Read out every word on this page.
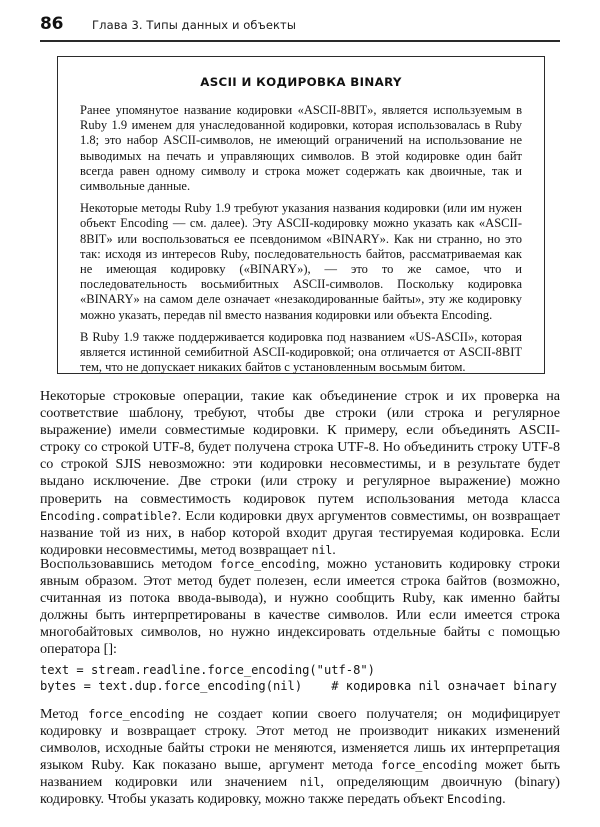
86	Глава 3. Типы данных и объекты
ASCII И КОДИРОВКА BINARY

Ранее упомянутое название кодировки «ASCII-8BIT», является используемым в Ruby 1.9 именем для унаследованной кодировки, которая использовалась в Ruby 1.8; это набор ASCII-символов, не имеющий ограничений на использование не выводимых на печать и управляющих символов. В этой кодировке один байт всегда равен одному символу и строка может содержать как двоичные, так и символьные данные.

Некоторые методы Ruby 1.9 требуют указания названия кодировки (или им нужен объект Encoding — см. далее). Эту ASCII-кодировку можно указать как «ASCII-8BIT» или воспользоваться ее псевдонимом «BINARY». Как ни странно, но это так: исходя из интересов Ruby, последовательность байтов, рассматриваемая как не имеющая кодировку («BINARY»), — это то же самое, что и последовательность восьмибитных ASCII-символов. Поскольку кодировка «BINARY» на самом деле означает «незакодированные байты», эту же кодировку можно указать, передав nil вместо названия кодировки или объекта Encoding.

В Ruby 1.9 также поддерживается кодировка под названием «US-ASCII», которая является истинной семибитной ASCII-кодировкой; она отличается от ASCII-8BIT тем, что не допускает никаких байтов с установленным восьмым битом.

Некоторые строковые операции, такие как объединение строк и их проверка на соответствие шаблону, требуют, чтобы две строки (или строка и регулярное выражение) имели совместимые кодировки. К примеру, если объединять ASCII-строку со строкой UTF-8, будет получена строка UTF-8. Но объединить строку UTF-8 со строкой SJIS невозможно: эти кодировки несовместимы, и в результате будет выдано исключение. Две строки (или строку и регулярное выражение) можно проверить на совместимость кодировок путем использования метода класса Encoding.compatible?. Если кодировки двух аргументов совместимы, он возвращает название той из них, в набор которой входит другая тестируемая кодировка. Если кодировки несовместимы, метод возвращает nil.

Воспользовавшись методом force_encoding, можно установить кодировку строки явным образом. Этот метод будет полезен, если имеется строка байтов (возможно, считанная из потока ввода-вывода), и нужно сообщить Ruby, как именно байты должны быть интерпретированы в качестве символов. Или если имеется строка многобайтовых символов, но нужно индексировать отдельные байты с помощью оператора []:

text = stream.readline.force_encoding("utf-8")
bytes = text.dup.force_encoding(nil)    # кодировка nil означает binary

Метод force_encoding не создает копии своего получателя; он модифицирует кодировку и возвращает строку. Этот метод не производит никаких изменений символов, исходные байты строки не меняются, изменяется лишь их интерпретация языком Ruby. Как показано выше, аргумент метода force_encoding может быть названием кодировки или значением nil, определяющим двоичную (binary) кодировку. Чтобы указать кодировку, можно также передать объект Encoding.
